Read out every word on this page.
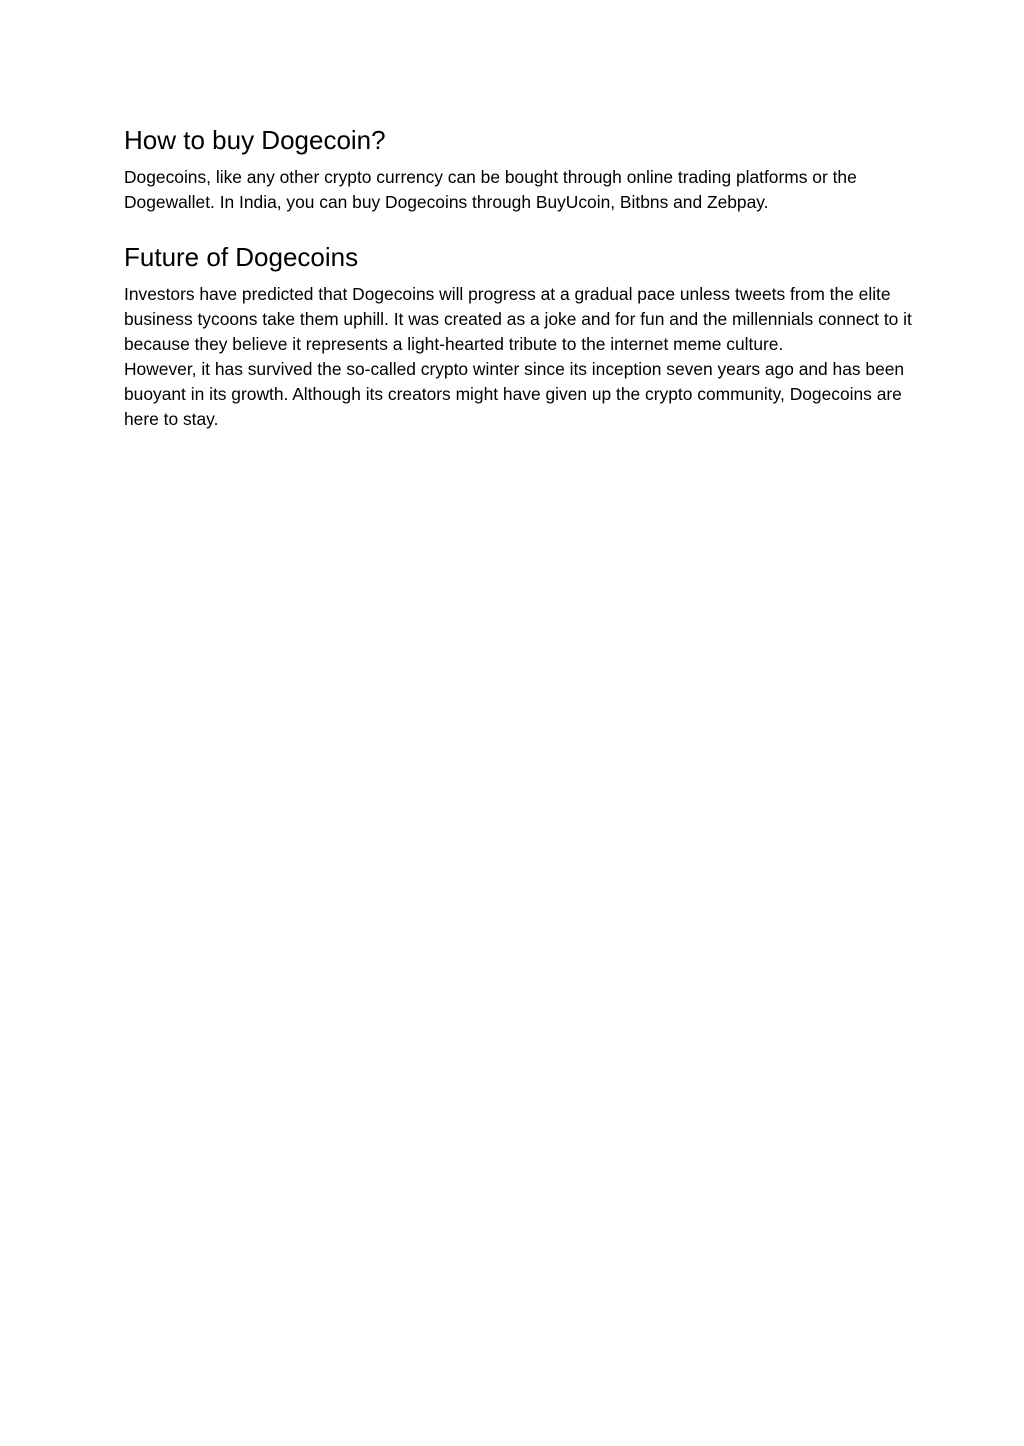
How to buy Dogecoin?

Dogecoins, like any other crypto currency can be bought through online trading platforms or the Dogewallet. In India, you can buy Dogecoins through BuyUcoin, Bitbns and Zebpay.

Future of Dogecoins

Investors have predicted that Dogecoins will progress at a gradual pace unless tweets from the elite business tycoons take them uphill. It was created as a joke and for fun and the millennials connect to it because they believe it represents a light-hearted tribute to the internet meme culture.

However, it has survived the so-called crypto winter since its inception seven years ago and has been buoyant in its growth. Although its creators might have given up the crypto community, Dogecoins are here to stay.
